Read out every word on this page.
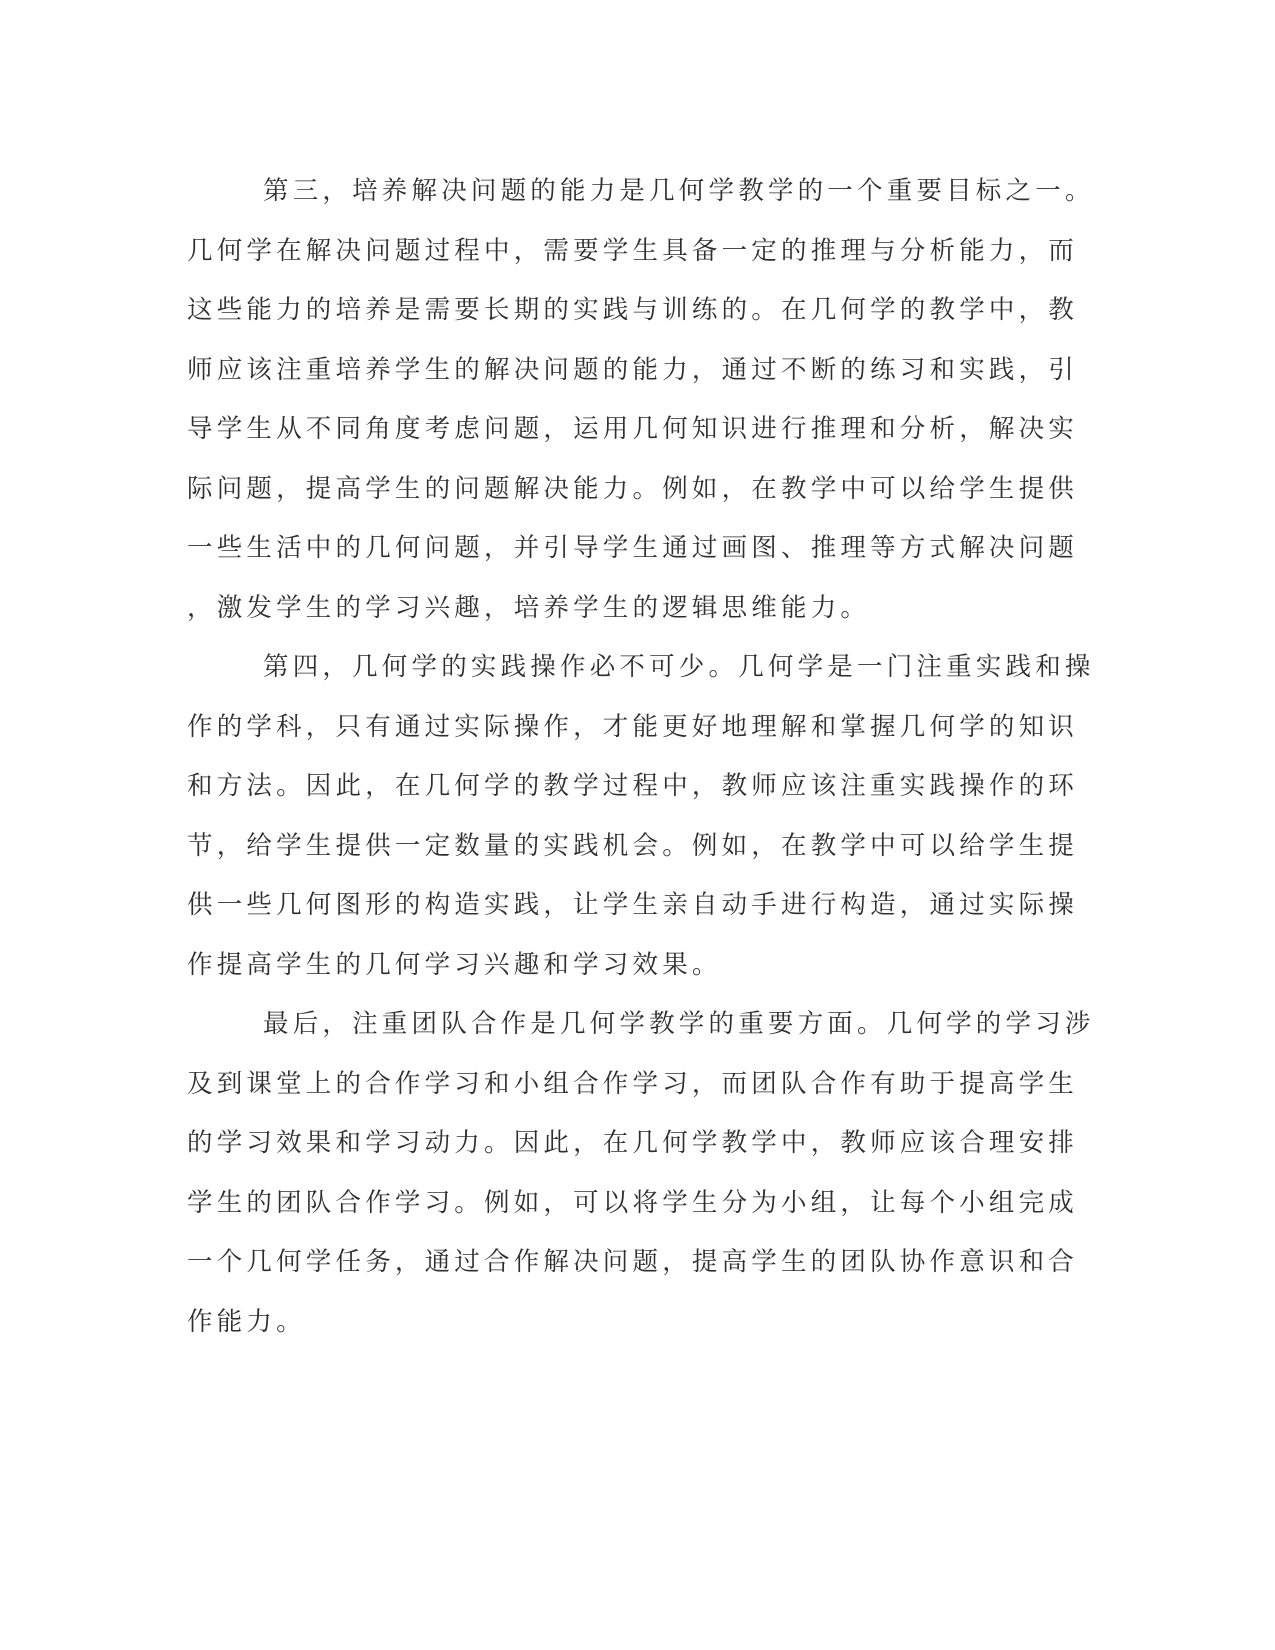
第三，培养解决问题的能力是几何学教学的一个重要目标之一。
几何学在解决问题过程中，需要学生具备一定的推理与分析能力，而
这些能力的培养是需要长期的实践与训练的。在几何学的教学中，教
师应该注重培养学生的解决问题的能力，通过不断的练习和实践，引
导学生从不同角度考虑问题，运用几何知识进行推理和分析，解决实
际问题，提高学生的问题解决能力。例如，在教学中可以给学生提供
一些生活中的几何问题，并引导学生通过画图、推理等方式解决问题
，激发学生的学习兴趣，培养学生的逻辑思维能力。
第四，几何学的实践操作必不可少。几何学是一门注重实践和操
作的学科，只有通过实际操作，才能更好地理解和掌握几何学的知识
和方法。因此，在几何学的教学过程中，教师应该注重实践操作的环
节，给学生提供一定数量的实践机会。例如，在教学中可以给学生提
供一些几何图形的构造实践，让学生亲自动手进行构造，通过实际操
作提高学生的几何学习兴趣和学习效果。
最后，注重团队合作是几何学教学的重要方面。几何学的学习涉
及到课堂上的合作学习和小组合作学习，而团队合作有助于提高学生
的学习效果和学习动力。因此，在几何学教学中，教师应该合理安排
学生的团队合作学习。例如，可以将学生分为小组，让每个小组完成
一个几何学任务，通过合作解决问题，提高学生的团队协作意识和合
作能力。
